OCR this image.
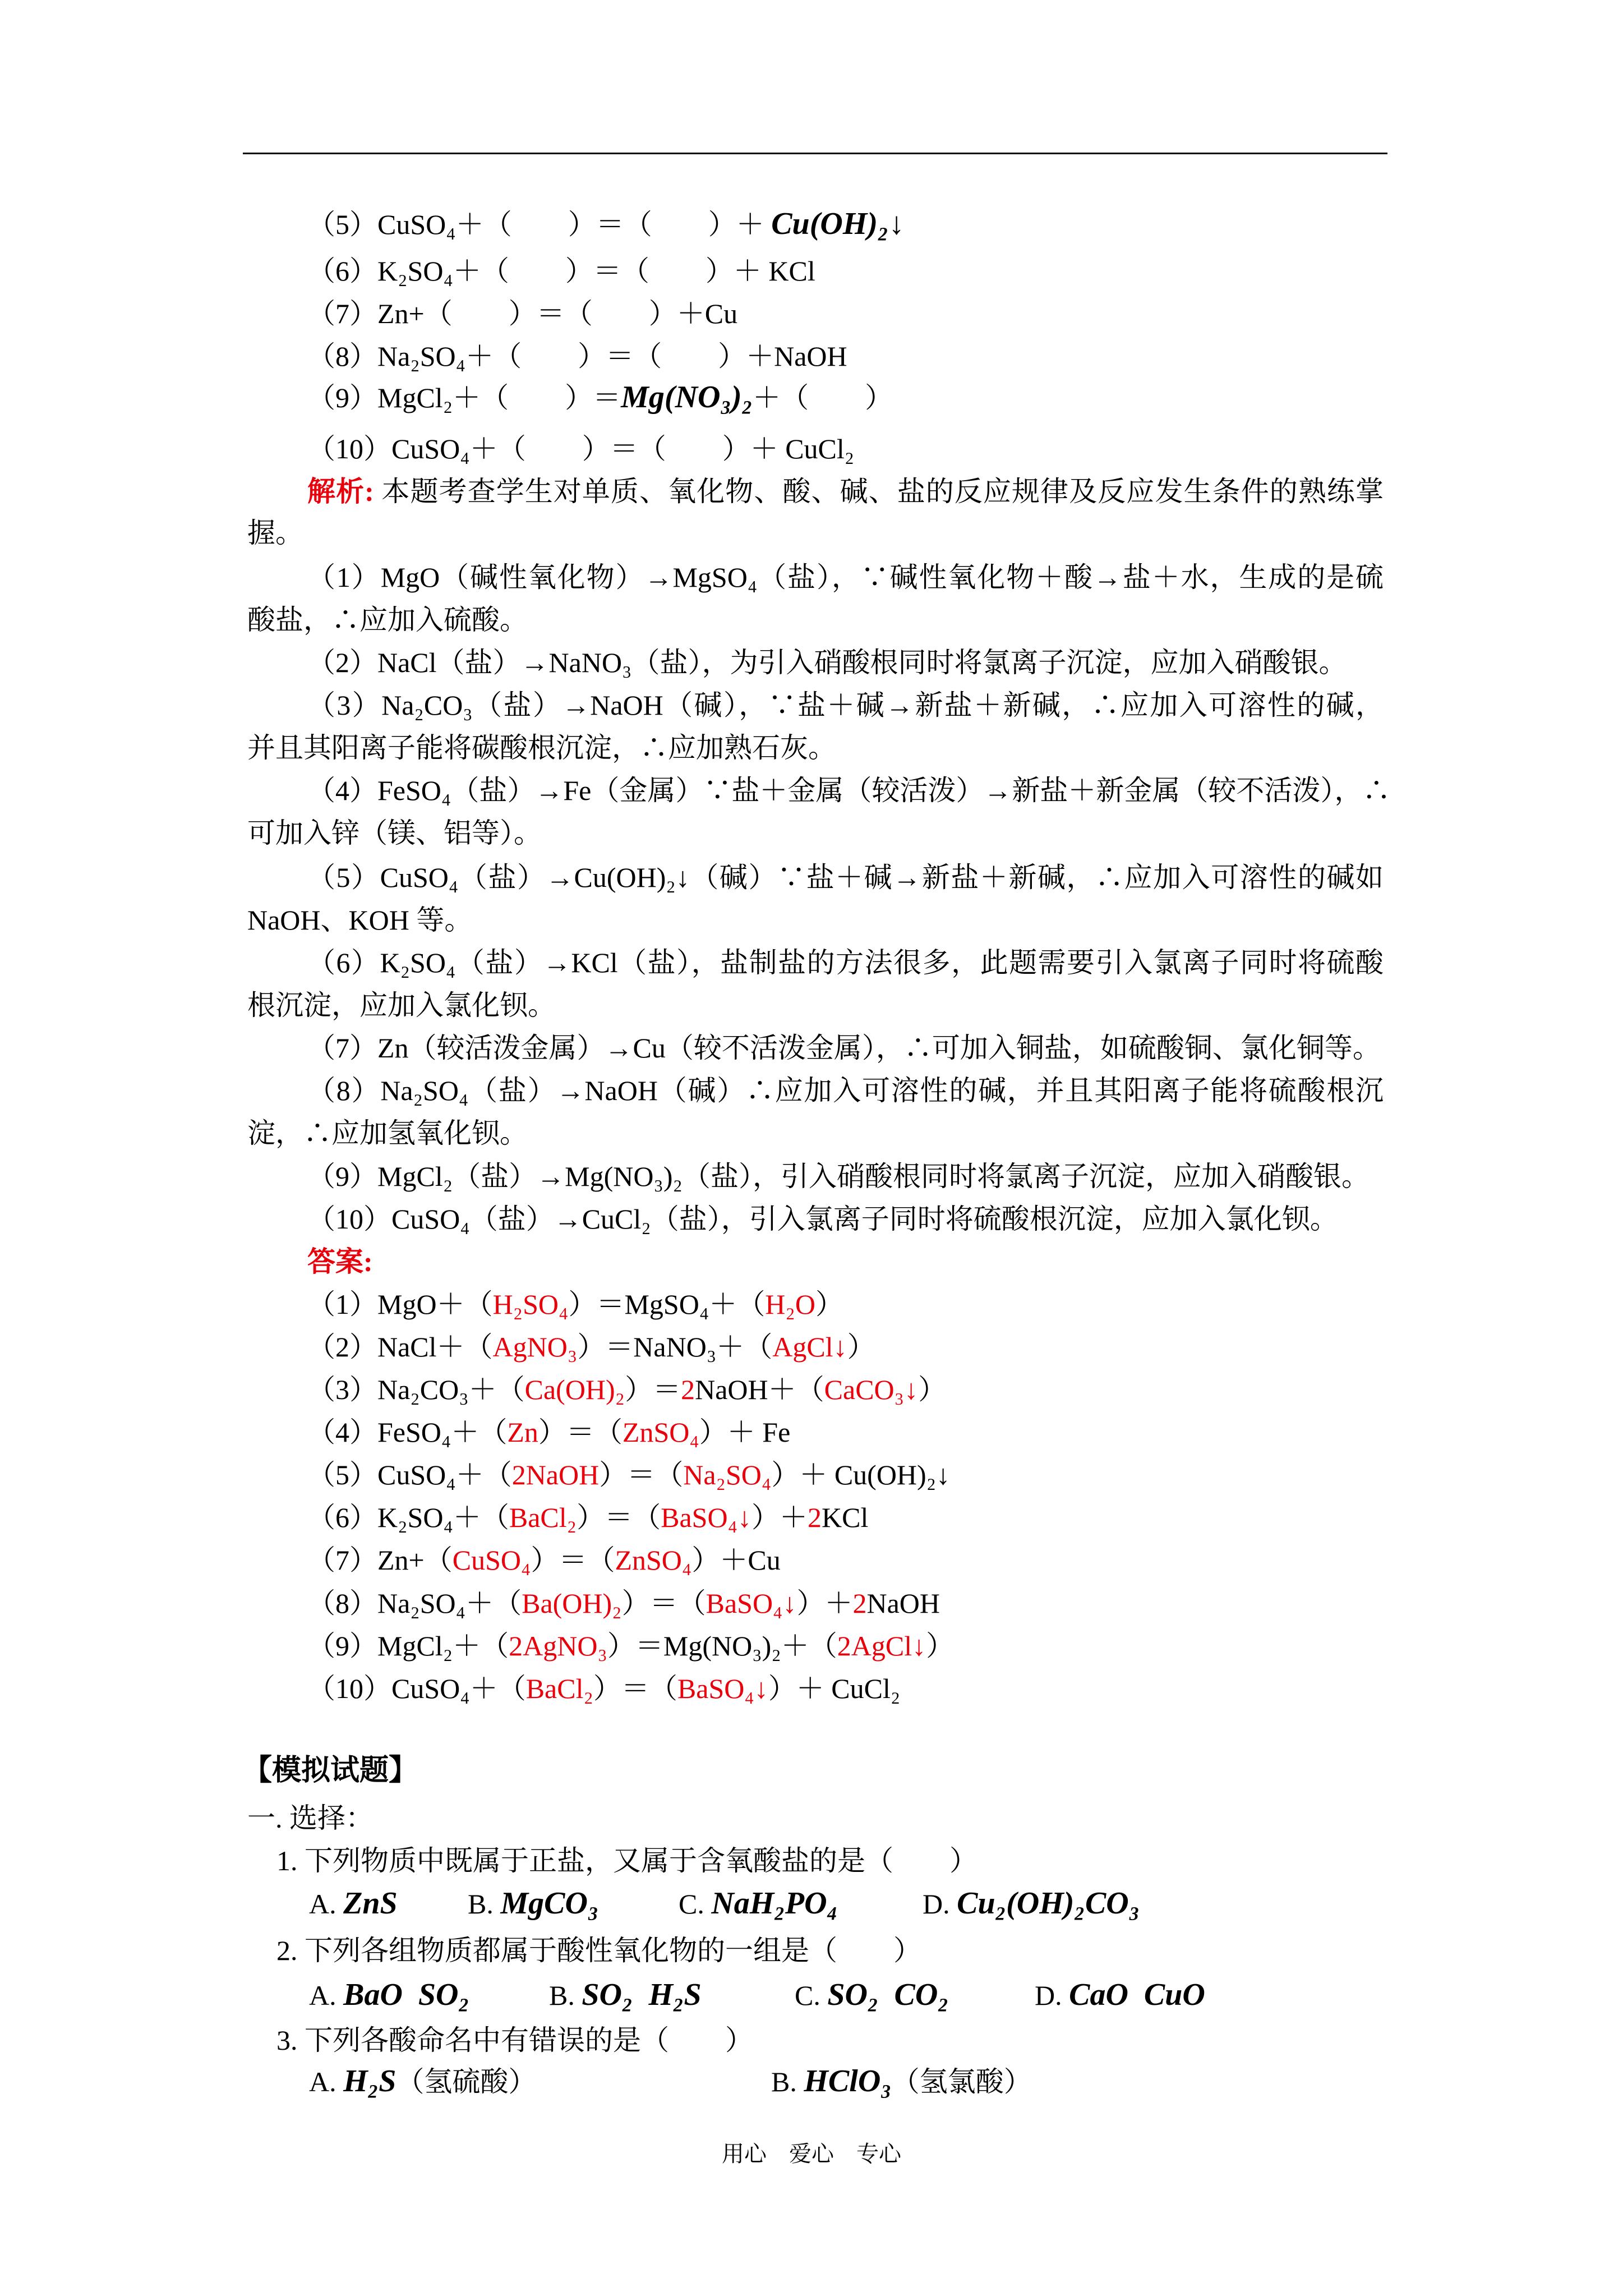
（5）CuSO₄＋（　　）＝（　　）＋ Cu(OH)₂↓
（6）K₂SO₄＋（　　）＝（　　）＋ KCl
（7）Zn+（　　）＝（　　）＋Cu
（8）Na₂SO₄＋（　　）＝（　　）＋NaOH
（9）MgCl₂＋（　　）＝Mg(NO₃)₂＋（　　）
（10）CuSO₄＋（　　）＝（　　）＋ CuCl₂
解析: 本题考查学生对单质、氧化物、酸、碱、盐的反应规律及反应发生条件的熟练掌
握。
（1）MgO（碱性氧化物）→MgSO₄（盐），∵碱性氧化物＋酸→盐＋水，生成的是硫
酸盐，∴应加入硫酸。
（2）NaCl（盐）→NaNO₃（盐），为引入硝酸根同时将氯离子沉淀，应加入硝酸银。
（3）Na₂CO₃（盐）→NaOH（碱），∵盐＋碱→新盐＋新碱，∴应加入可溶性的碱，
并且其阳离子能将碳酸根沉淀，∴应加熟石灰。
（4）FeSO₄（盐）→Fe（金属）∵盐＋金属（较活泼）→新盐＋新金属（较不活泼），∴
可加入锌（镁、铝等）。
（5）CuSO₄（盐）→Cu(OH)₂↓（碱）∵盐＋碱→新盐＋新碱，∴应加入可溶性的碱如
NaOH、KOH 等。
（6）K₂SO₄（盐）→KCl（盐），盐制盐的方法很多，此题需要引入氯离子同时将硫酸
根沉淀，应加入氯化钡。
（7）Zn（较活泼金属）→Cu（较不活泼金属），∴可加入铜盐，如硫酸铜、氯化铜等。
（8）Na₂SO₄（盐）→NaOH（碱）∴应加入可溶性的碱，并且其阳离子能将硫酸根沉
淀，∴应加氢氧化钡。
（9）MgCl₂（盐）→Mg(NO₃)₂（盐），引入硝酸根同时将氯离子沉淀，应加入硝酸银。
（10）CuSO₄（盐）→CuCl₂（盐），引入氯离子同时将硫酸根沉淀，应加入氯化钡。
答案:
（1）MgO＋（H₂SO₄）＝MgSO₄＋（H₂O）
（2）NaCl＋（AgNO₃）＝NaNO₃＋（AgCl↓）
（3）Na₂CO₃＋（Ca(OH)₂）＝2NaOH＋（CaCO₃↓）
（4）FeSO₄＋（Zn）＝（ZnSO₄）＋ Fe
（5）CuSO₄＋（2NaOH）＝（Na₂SO₄）＋ Cu(OH)₂↓
（6）K₂SO₄＋（BaCl₂）＝（BaSO₄↓）＋2KCl
（7）Zn+（CuSO₄）＝（ZnSO₄）＋Cu
（8）Na₂SO₄＋（Ba(OH)₂）＝（BaSO₄↓）＋2NaOH
（9）MgCl₂＋（2AgNO₃）＝Mg(NO₃)₂＋（2AgCl↓）
（10）CuSO₄＋（BaCl₂）＝（BaSO₄↓）＋ CuCl₂
【模拟试题】
一. 选择：
1. 下列物质中既属于正盐，又属于含氧酸盐的是（　　）
A. ZnS	B. MgCO₃	C. NaH₂PO₄	D. Cu₂(OH)₂CO₃
2. 下列各组物质都属于酸性氧化物的一组是（　　）
A. BaO  SO₂	B. SO₂  H₂S	C. SO₂  CO₂	D. CaO  CuO
3. 下列各酸命名中有错误的是（　　）
A. H₂S（氢硫酸）	B. HClO₃（氢氯酸）
用心　爱心　专心
